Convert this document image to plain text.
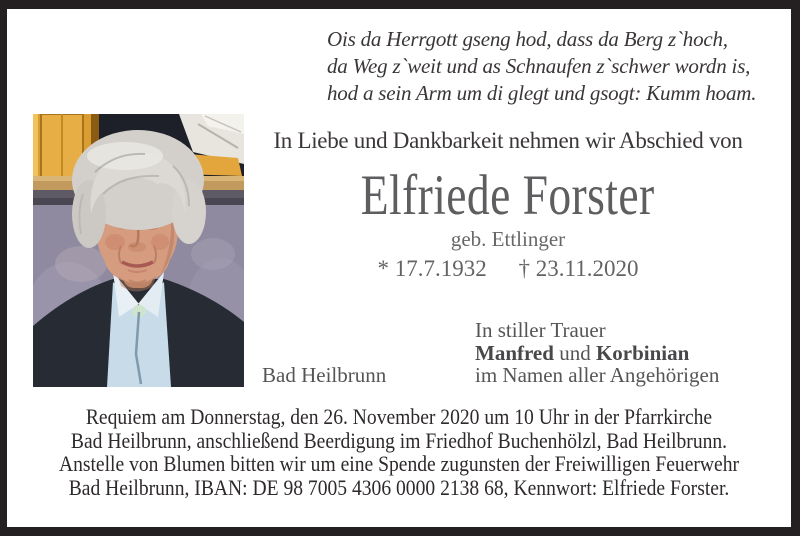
Ois da Herrgott gseng hod, dass da Berg z`hoch,
da Weg z`weit und as Schnaufen z`schwer wordn is,
hod a sein Arm um di glegt und gsogt: Kumm hoam.
In Liebe und Dankbarkeit nehmen wir Abschied von
Elfriede Forster
geb. Ettlinger
* 17.7.1932 † 23.11.2020
In stiller Trauer
Manfred und Korbinian
im Namen aller Angehörigen
Bad Heilbrunn
Requiem am Donnerstag, den 26. November 2020 um 10 Uhr in der Pfarrkirche
Bad Heilbrunn, anschließend Beerdigung im Friedhof Buchenhölzl, Bad Heilbrunn.
Anstelle von Blumen bitten wir um eine Spende zugunsten der Freiwilligen Feuerwehr
Bad Heilbrunn, IBAN: DE 98 7005 4306 0000 2138 68, Kennwort: Elfriede Forster.
